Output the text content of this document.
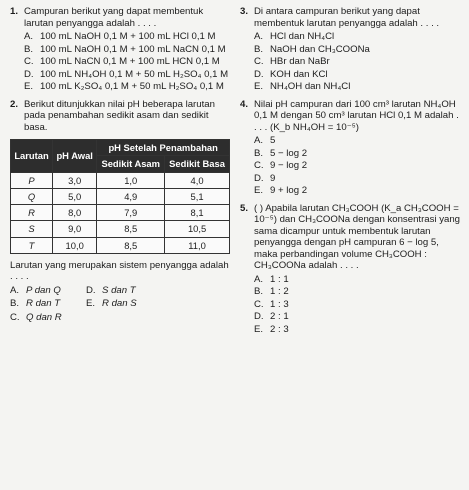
1. Campuran berikut yang dapat membentuk larutan penyangga adalah . . . .
A. 100 mL NaOH 0,1 M + 100 mL HCl 0,1 M
B. 100 mL NaOH 0,1 M + 100 mL NaCN 0,1 M
C. 100 mL NaCN 0,1 M + 100 mL HCN 0,1 M
D. 100 mL NH₄OH 0,1 M + 50 mL H₂SO₄ 0,1 M
E. 100 mL K₂SO₄ 0,1 M + 50 mL H₂SO₄ 0,1 M
2. Berikut ditunjukkan nilai pH beberapa larutan pada penambahan sedikit asam dan sedikit basa.
Larutan	pH Awal	pH Setelah Penambahan	
		Sedikit Asam	Sedikit Basa
P	3,0	1,0	4,0
Q	5,0	4,9	5,1
R	8,0	7,9	8,1
S	9,0	8,5	10,5
T	10,0	8,5	11,0
Larutan yang merupakan sistem penyangga adalah . . . .
A. P dan Q	D. S dan T
B. R dan T	E. R dan S
C. Q dan R
3. Di antara campuran berikut yang dapat membentuk larutan penyangga adalah . . . .
A. HCl dan NH₄Cl
B. NaOH dan CH₃COONa
C. HBr dan NaBr
D. KOH dan KCl
E. NH₄OH dan NH₄Cl
4. Nilai pH campuran dari 100 cm³ larutan NH₄OH 0,1 M dengan 50 cm³ larutan HCl 0,1 M adalah . . . . (K_b NH₄OH = 10⁻⁵)
A. 5
B. 5 − log 2
C. 9 − log 2
D. 9
E. 9 + log 2
5. ( ) Apabila larutan CH₃COOH (K_a CH₃COOH = 10⁻⁵) dan CH₃COONa dengan konsentrasi yang sama dicampur untuk membentuk larutan penyangga dengan pH campuran 6 − log 5, maka perbandingan volume CH₃COOH : CH₃COONa adalah . . . .
A. 1 : 1
B. 1 : 2
C. 1 : 3
D. 2 : 1
E. 2 : 3
